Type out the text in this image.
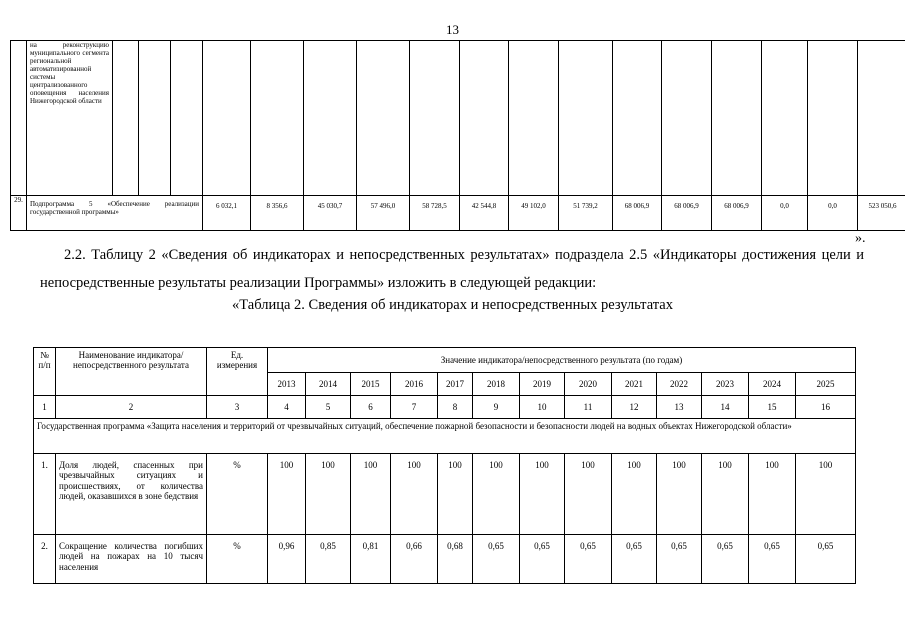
13
	на реконструкцию муниципального сегмента региональной автоматизированной системы централизованного оповещения населения Нижегородской области																	
29.	Подпрограмма 5 «Обеспечение реализации государственной программы»				6 032,1	8 356,6	45 030,7	57 496,0	58 728,5	42 544,8	49 102,0	51 739,2	68 006,9	68 006,9	68 006,9	0,0	0,0	523 050,6
».
2.2. Таблицу 2 «Сведения об индикаторах и непосредственных результатах» подраздела 2.5 «Индикаторы достижения цели и непосредственные результаты реализации Программы» изложить в следующей редакции:
«Таблица 2. Сведения об индикаторах и непосредственных результатах
№ п/п	Наименование индикатора/непосредственного результата	Ед. измерения	Значение индикатора/непосредственного результата (по годам)												
			2013	2014	2015	2016	2017	2018	2019	2020	2021	2022	2023	2024	2025
1	2	3	4	5	6	7	8	9	10	11	12	13	14	15	16
Государственная программа «Защита населения и территорий от чрезвычайных ситуаций, обеспечение пожарной безопасности и безопасности людей на водных объектах Нижегородской области»															
1.	Доля людей, спасенных при чрезвычайных ситуациях и происшествиях, от количества людей, оказавшихся в зоне бедствия	%	100	100	100	100	100	100	100	100	100	100	100	100	100
2.	Сокращение количества погибших людей на пожарах на 10 тысяч населения	%	0,96	0,85	0,81	0,66	0,68	0,65	0,65	0,65	0,65	0,65	0,65	0,65	0,65
